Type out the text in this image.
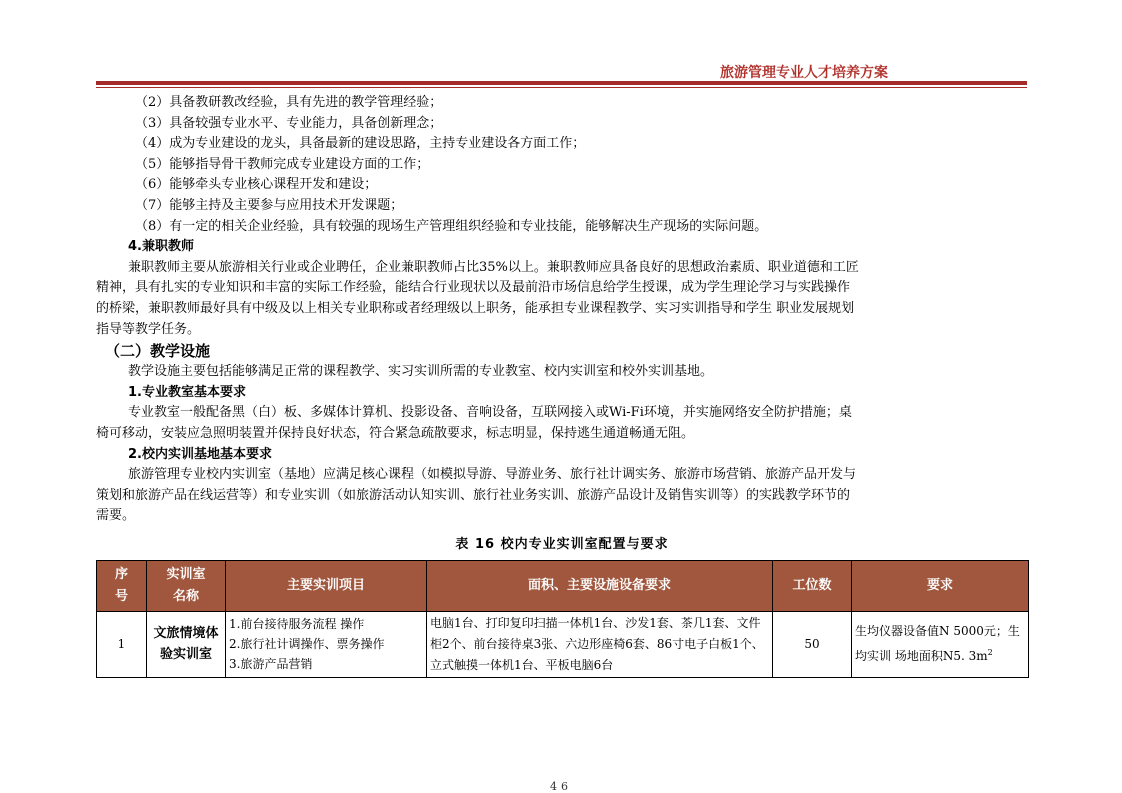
旅游管理专业人才培养方案
（2）具备教研教改经验，具有先进的教学管理经验；
（3）具备较强专业水平、专业能力，具备创新理念；
（4）成为专业建设的龙头，具备最新的建设思路，主持专业建设各方面工作；
（5）能够指导骨干教师完成专业建设方面的工作；
（6）能够牵头专业核心课程开发和建设；
（7）能够主持及主要参与应用技术开发课题；
（8）有一定的相关企业经验，具有较强的现场生产管理组织经验和专业技能，能够解决生产现场的实际问题。
4.兼职教师
兼职教师主要从旅游相关行业或企业聘任，企业兼职教师占比35%以上。兼职教师应具备良好的思想政治素质、职业道德和工匠
精神，具有扎实的专业知识和丰富的实际工作经验，能结合行业现状以及最前沿市场信息给学生授课，成为学生理论学习与实践操作
的桥梁，兼职教师最好具有中级及以上相关专业职称或者经理级以上职务，能承担专业课程教学、实习实训指导和学生 职业发展规划
指导等教学任务。
（二）教学设施
教学设施主要包括能够满足正常的课程教学、实习实训所需的专业教室、校内实训室和校外实训基地。
1.专业教室基本要求
专业教室一般配备黑（白）板、多媒体计算机、投影设备、音响设备，互联网接入或Wi-Fi环境，并实施网络安全防护措施；桌
椅可移动，安装应急照明装置并保持良好状态，符合紧急疏散要求，标志明显，保持逃生通道畅通无阻。
2.校内实训基地基本要求
旅游管理专业校内实训室（基地）应满足核心课程（如模拟导游、导游业务、旅行社计调实务、旅游市场营销、旅游产品开发与
策划和旅游产品在线运营等）和专业实训（如旅游活动认知实训、旅行社业务实训、旅游产品设计及销售实训等）的实践教学环节的
需要。
表 16 校内专业实训室配置与要求
序号	实训室名称	主要实训项目	面积、主要设施设备要求	工位数	要求
1	文旅情境体验实训室	1.前台接待服务流程 操作
2.旅行社计调操作、票务操作
3.旅游产品营销	电脑1台、打印复印扫描一体机1台、沙发1套、茶几1套、文件柜2个、前台接待桌3张、六边形座椅6套、86寸电子白板1个、立式触摸一体机1台、平板电脑6台	50	生均仪器设备值N 5000元；生均实训 场地面积N5. $3m^2$
46
